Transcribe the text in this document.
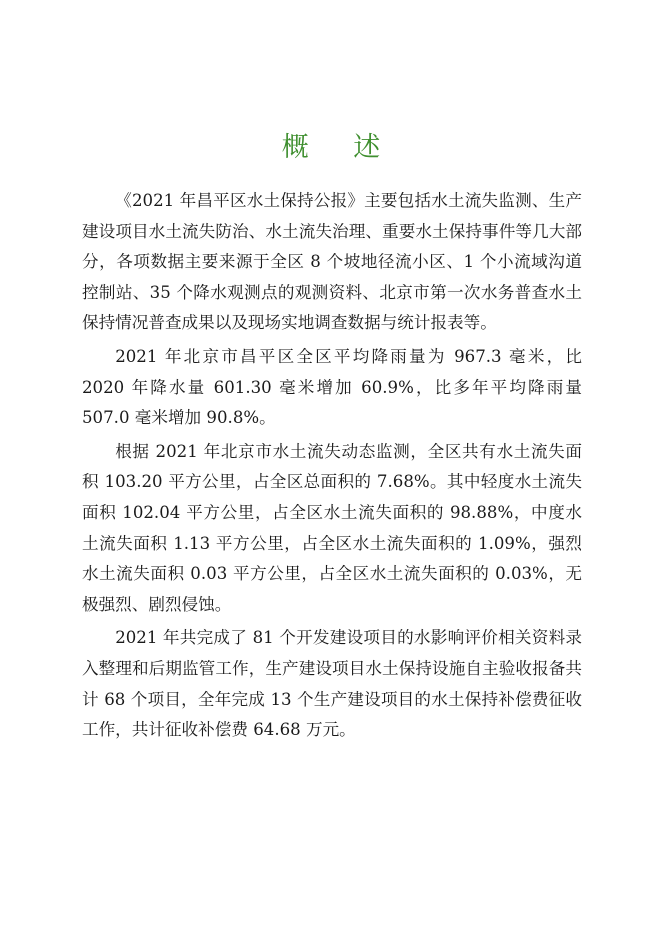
概 述

《2021 年昌平区水土保持公报》主要包括水土流失监测、生产建设项目水土流失防治、水土流失治理、重要水土保持事件等几大部分，各项数据主要来源于全区 8 个坡地径流小区、1 个小流域沟道控制站、35 个降水观测点的观测资料、北京市第一次水务普查水土保持情况普查成果以及现场实地调查数据与统计报表等。

2021 年北京市昌平区全区平均降雨量为 967.3 毫米，比 2020 年降水量 601.30 毫米增加 60.9%，比多年平均降雨量 507.0 毫米增加 90.8%。

根据 2021 年北京市水土流失动态监测，全区共有水土流失面积 103.20 平方公里，占全区总面积的 7.68%。其中轻度水土流失面积 102.04 平方公里，占全区水土流失面积的 98.88%，中度水土流失面积 1.13 平方公里，占全区水土流失面积的 1.09%，强烈水土流失面积 0.03 平方公里，占全区水土流失面积的 0.03%，无极强烈、剧烈侵蚀。

2021 年共完成了 81 个开发建设项目的水影响评价相关资料录入整理和后期监管工作，生产建设项目水土保持设施自主验收报备共计 68 个项目，全年完成 13 个生产建设项目的水土保持补偿费征收工作，共计征收补偿费 64.68 万元。
